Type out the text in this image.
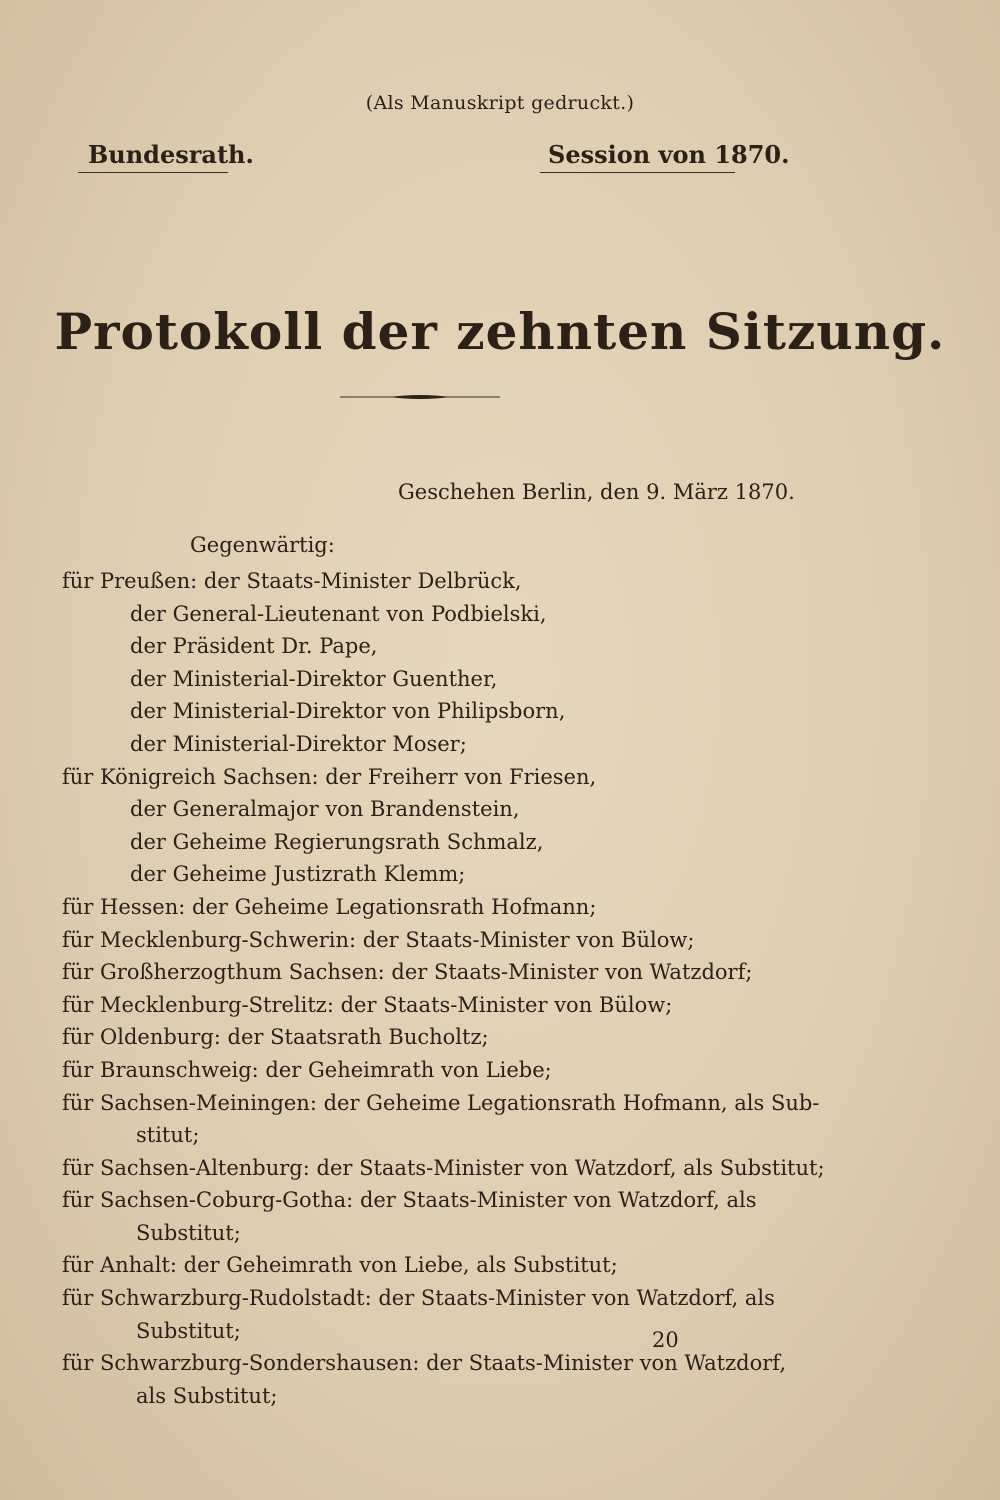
(Als Manuskript gedruckt.)
Bundesrath.	Session von 1870.
Protokoll der zehnten Sitzung.
Geschehen Berlin, den 9. März 1870.
Gegenwärtig:
für Preußen: der Staats-Minister Delbrück,
der General-Lieutenant von Podbielski,
der Präsident Dr. Pape,
der Ministerial-Direktor Guenther,
der Ministerial-Direktor von Philipsborn,
der Ministerial-Direktor Moser;
für Königreich Sachsen: der Freiherr von Friesen,
der Generalmajor von Brandenstein,
der Geheime Regierungsrath Schmalz,
der Geheime Justizrath Klemm;
für Hessen: der Geheime Legationsrath Hofmann;
für Mecklenburg-Schwerin: der Staats-Minister von Bülow;
für Großherzogthum Sachsen: der Staats-Minister von Watzdorf;
für Mecklenburg-Strelitz: der Staats-Minister von Bülow;
für Oldenburg: der Staatsrath Bucholtz;
für Braunschweig: der Geheimrath von Liebe;
für Sachsen-Meiningen: der Geheime Legationsrath Hofmann, als Sub-
stitut;
für Sachsen-Altenburg: der Staats-Minister von Watzdorf, als Substitut;
für Sachsen-Coburg-Gotha: der Staats-Minister von Watzdorf, als
Substitut;
für Anhalt: der Geheimrath von Liebe, als Substitut;
für Schwarzburg-Rudolstadt: der Staats-Minister von Watzdorf, als
Substitut;
für Schwarzburg-Sondershausen: der Staats-Minister von Watzdorf,
als Substitut;
20
